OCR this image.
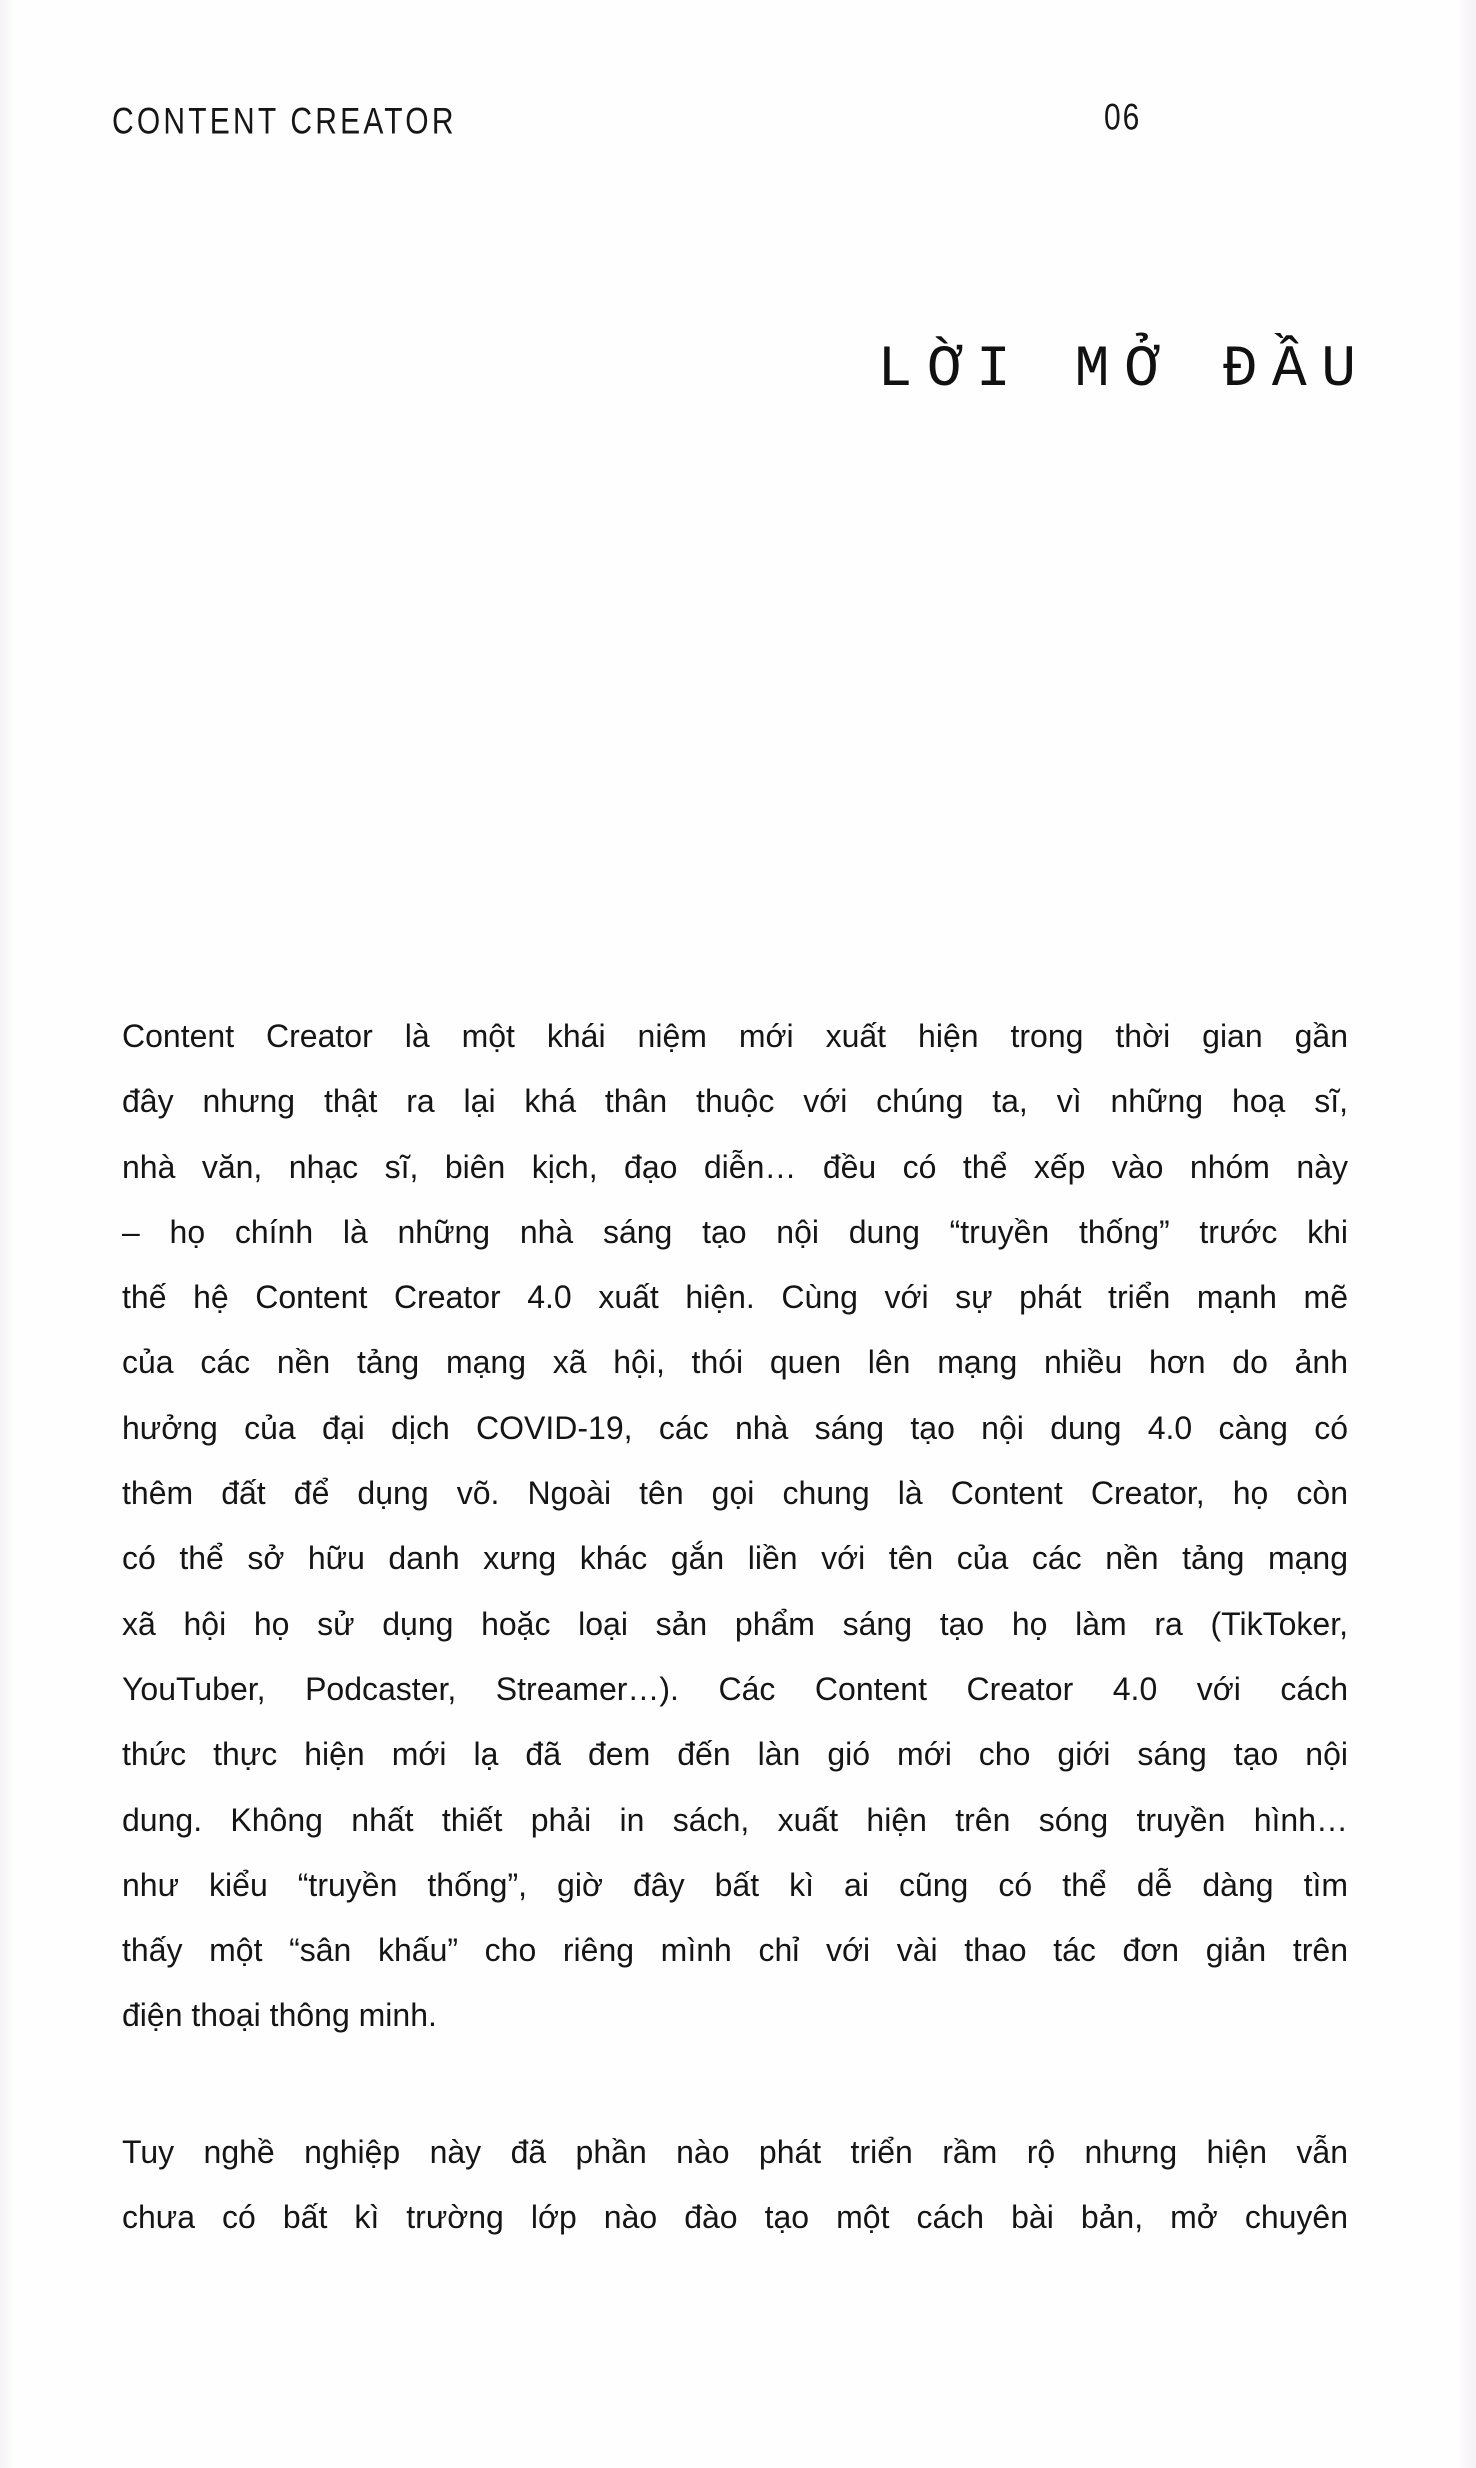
CONTENT CREATOR	06
LỜI MỞ ĐẦU
Content Creator là một khái niệm mới xuất hiện trong thời gian gần
đây nhưng thật ra lại khá thân thuộc với chúng ta, vì những hoạ sĩ,
nhà văn, nhạc sĩ, biên kịch, đạo diễn… đều có thể xếp vào nhóm này
– họ chính là những nhà sáng tạo nội dung “truyền thống” trước khi
thế hệ Content Creator 4.0 xuất hiện. Cùng với sự phát triển mạnh mẽ
của các nền tảng mạng xã hội, thói quen lên mạng nhiều hơn do ảnh
hưởng của đại dịch COVID-19, các nhà sáng tạo nội dung 4.0 càng có
thêm đất để dụng võ. Ngoài tên gọi chung là Content Creator, họ còn
có thể sở hữu danh xưng khác gắn liền với tên của các nền tảng mạng
xã hội họ sử dụng hoặc loại sản phẩm sáng tạo họ làm ra (TikToker,
YouTuber, Podcaster, Streamer…). Các Content Creator 4.0 với cách
thức thực hiện mới lạ đã đem đến làn gió mới cho giới sáng tạo nội
dung. Không nhất thiết phải in sách, xuất hiện trên sóng truyền hình…
như kiểu “truyền thống”, giờ đây bất kì ai cũng có thể dễ dàng tìm
thấy một “sân khấu” cho riêng mình chỉ với vài thao tác đơn giản trên
điện thoại thông minh.
Tuy nghề nghiệp này đã phần nào phát triển rầm rộ nhưng hiện vẫn
chưa có bất kì trường lớp nào đào tạo một cách bài bản, mở chuyên
